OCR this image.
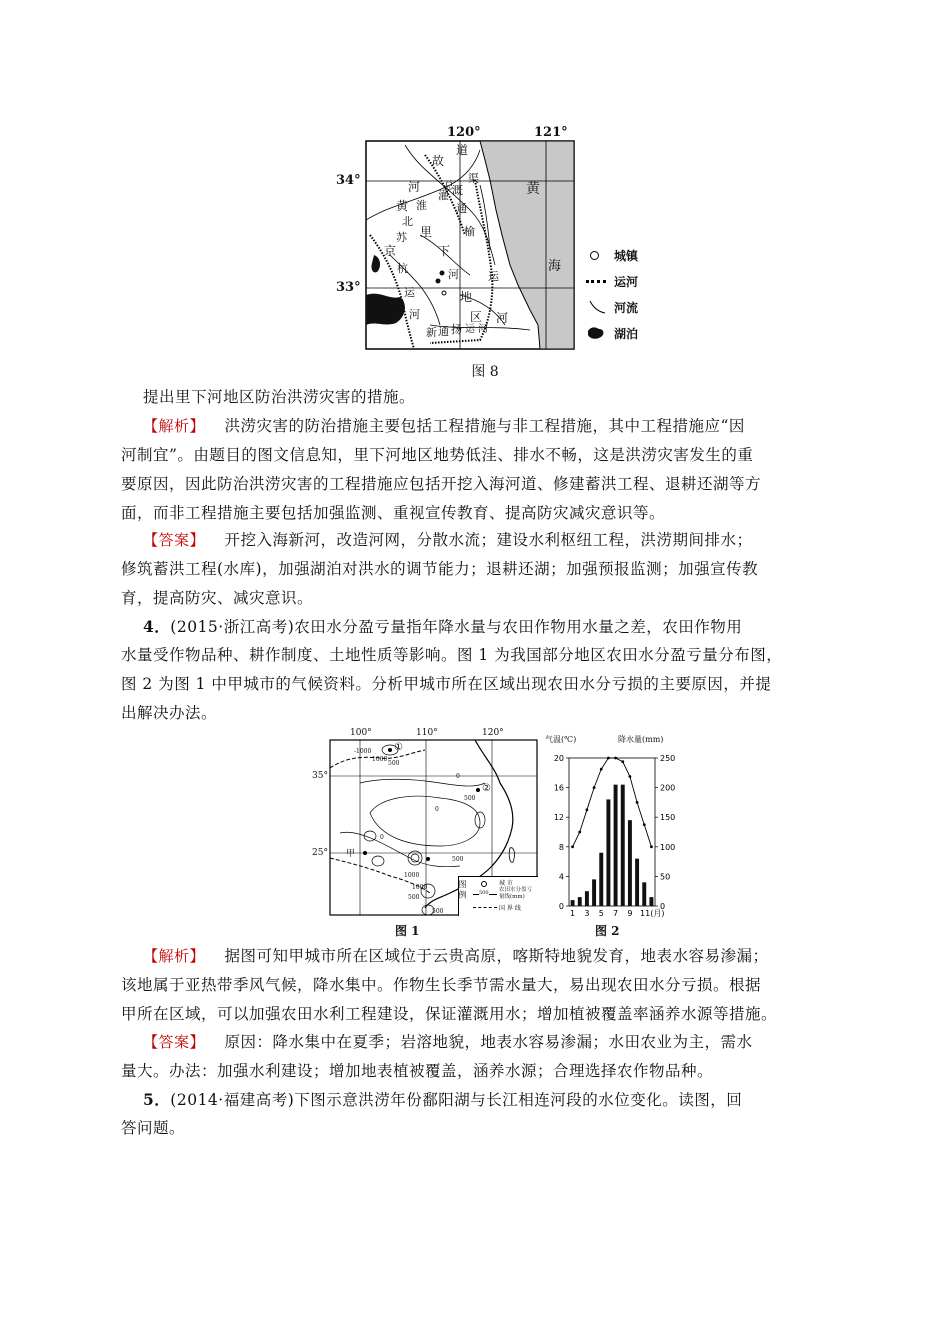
120°	121°
34°
33°
故
道
河
黄 淮
总
渠
灌 溉
通
北
苏	榆
里
京	下
杭
运
河
运	地
区 河
河
新 通 扬 运 河
黄
海
城镇
运河
河流
湖泊
图 8
提出里下河地区防治洪涝灾害的措施。
【解析】 洪涝灾害的防治措施主要包括工程措施与非工程措施，其中工程措施应“因
河制宜”。由题目的图文信息知，里下河地区地势低洼、排水不畅，这是洪涝灾害发生的重
要原因，因此防治洪涝灾害的工程措施应包括开挖入海河道、修建蓄洪工程、退耕还湖等方
面，而非工程措施主要包括加强监测、重视宣传教育、提高防灾减灾意识等。
【答案】 开挖入海新河，改造河网，分散水流；建设水利枢纽工程，洪涝期间排水；
修筑蓄洪工程(水库)，加强湖泊对洪水的调节能力；退耕还湖；加强预报监测；加强宣传教
育，提高防灾、减灾意识。
4．(2015·浙江高考)农田水分盈亏量指年降水量与农田作物用水量之差，农田作物用
水量受作物品种、耕作制度、土地性质等影响。图 1 为我国部分地区农田水分盈亏量分布图，
图 2 为图 1 中甲城市的气候资料。分析甲城市所在区域出现农田水分亏损的主要原因，并提
出解决办法。
100°	110°	120°
35°
25°
-1000
1000
500
0
500
0
0
500
1000
1000
500
500
①
②
甲
图 例	城 市
农田水分盈亏量线(mm)
500
国 界 线
图 1
气温(℃)	降水量(mm)
20
16
12
8
4
0
250
200
150
100
50
0
1 3 5 7 9 11(月)
图 2
【解析】 据图可知甲城市所在区域位于云贵高原，喀斯特地貌发育，地表水容易渗漏；
该地属于亚热带季风气候，降水集中。作物生长季节需水量大，易出现农田水分亏损。根据
甲所在区域，可以加强农田水利工程建设，保证灌溉用水；增加植被覆盖率涵养水源等措施。
【答案】 原因：降水集中在夏季；岩溶地貌，地表水容易渗漏；水田农业为主，需水
量大。办法：加强水利建设；增加地表植被覆盖，涵养水源；合理选择农作物品种。
5．(2014·福建高考)下图示意洪涝年份鄱阳湖与长江相连河段的水位变化。读图，回
答问题。
